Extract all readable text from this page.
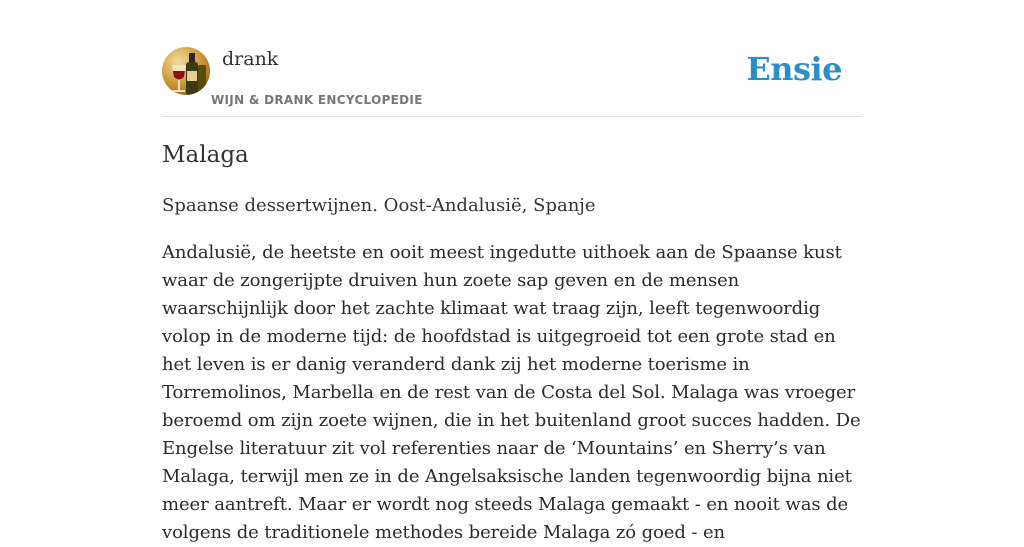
drank
WIJN & DRANK ENCYCLOPEDIE
Ensie
Malaga
Spaanse dessertwijnen. Oost-Andalusië, Spanje

Andalusië, de heetste en ooit meest ingedutte uithoek aan de Spaanse kust waar de zongerijpte druiven hun zoete sap geven en de mensen waarschijnlijk door het zachte klimaat wat traag zijn, leeft tegenwoordig volop in de moderne tijd: de hoofdstad is uitgegroeid tot een grote stad en het leven is er danig veranderd dank zij het moderne toerisme in Torremolinos, Marbella en de rest van de Costa del Sol. Malaga was vroeger beroemd om zijn zoete wijnen, die in het buitenland groot succes hadden. De Engelse literatuur zit vol referenties naar de ‘Mountains’ en Sherry’s van Malaga, terwijl men ze in de Angelsaksische landen tegenwoordig bijna niet meer aantreft. Maar er wordt nog steeds Malaga gemaakt - en nooit was de volgens de traditionele methodes bereide Malaga zó goed - en
